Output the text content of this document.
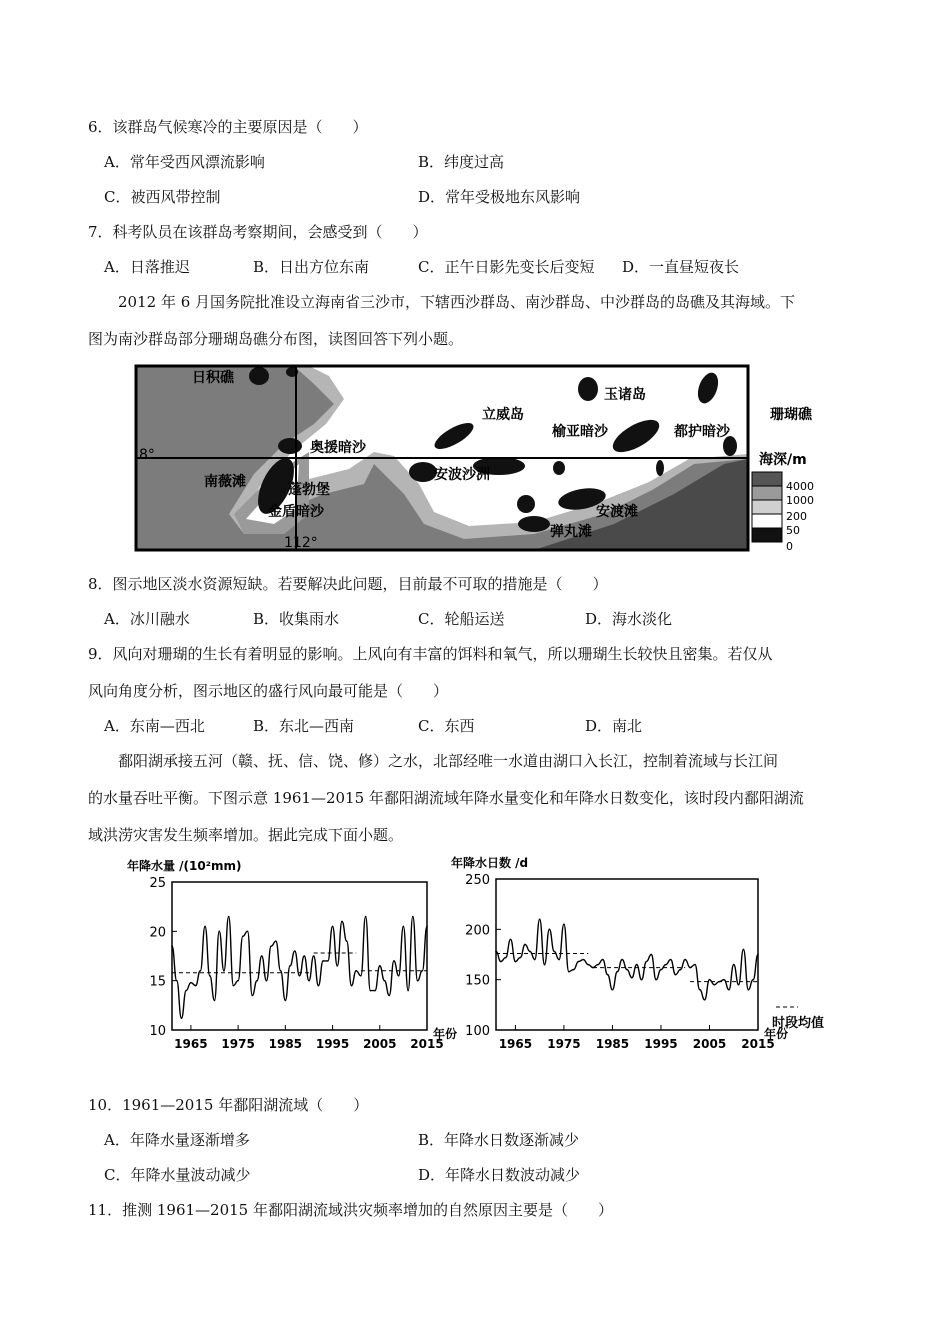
6．该群岛气候寒冷的主要原因是（　　）
A．常年受西风漂流影响	B．纬度过高
C．被西风带控制	D．常年受极地东风影响
7．科考队员在该群岛考察期间，会感受到（　　）
A．日落推迟	B．日出方位东南	C．正午日影先变长后变短 D．一直昼短夜长
2012 年 6 月国务院批准设立海南省三沙市，下辖西沙群岛、南沙群岛、中沙群岛的岛礁及其海域。下
图为南沙群岛部分珊瑚岛礁分布图，读图回答下列小题。
日积礁
玉诸岛
立威岛
榆亚暗沙	都护暗沙
珊瑚礁
奥援暗沙
8°
南薇滩	蓬勃堡
金盾暗沙
112°
安波沙洲
安渡滩
弹丸滩
海深/m
4000
1000
200
50
0
8．图示地区淡水资源短缺。若要解决此问题，目前最不可取的措施是（　　）
A．冰川融水	B．收集雨水	C．轮船运送	D．海水淡化
9．风向对珊瑚的生长有着明显的影响。上风向有丰富的饵料和氧气，所以珊瑚生长较快且密集。若仅从
风向角度分析，图示地区的盛行风向最可能是（　　）
A．东南—西北	B．东北—西南	C．东西	D．南北
鄱阳湖承接五河（赣、抚、信、饶、修）之水，北部经唯一水道由湖口入长江，控制着流域与长江间
的水量吞吐平衡。下图示意 1961—2015 年鄱阳湖流域年降水量变化和年降水日数变化，该时段内鄱阳湖流
域洪涝灾害发生频率增加。据此完成下面小题。
年降水量 /(10²mm)
25
20
15
10
1965 1975 1985 1995 2005 2015
年份
年降水日数 /d
250
200
150
100
1965 1975 1985 1995 2005 2015
年份
时段均值
10．1961—2015 年鄱阳湖流域（　　）
A．年降水量逐渐增多	B．年降水日数逐渐减少
C．年降水量波动减少	D．年降水日数波动减少
11．推测 1961—2015 年鄱阳湖流域洪灾频率增加的自然原因主要是（　　）
